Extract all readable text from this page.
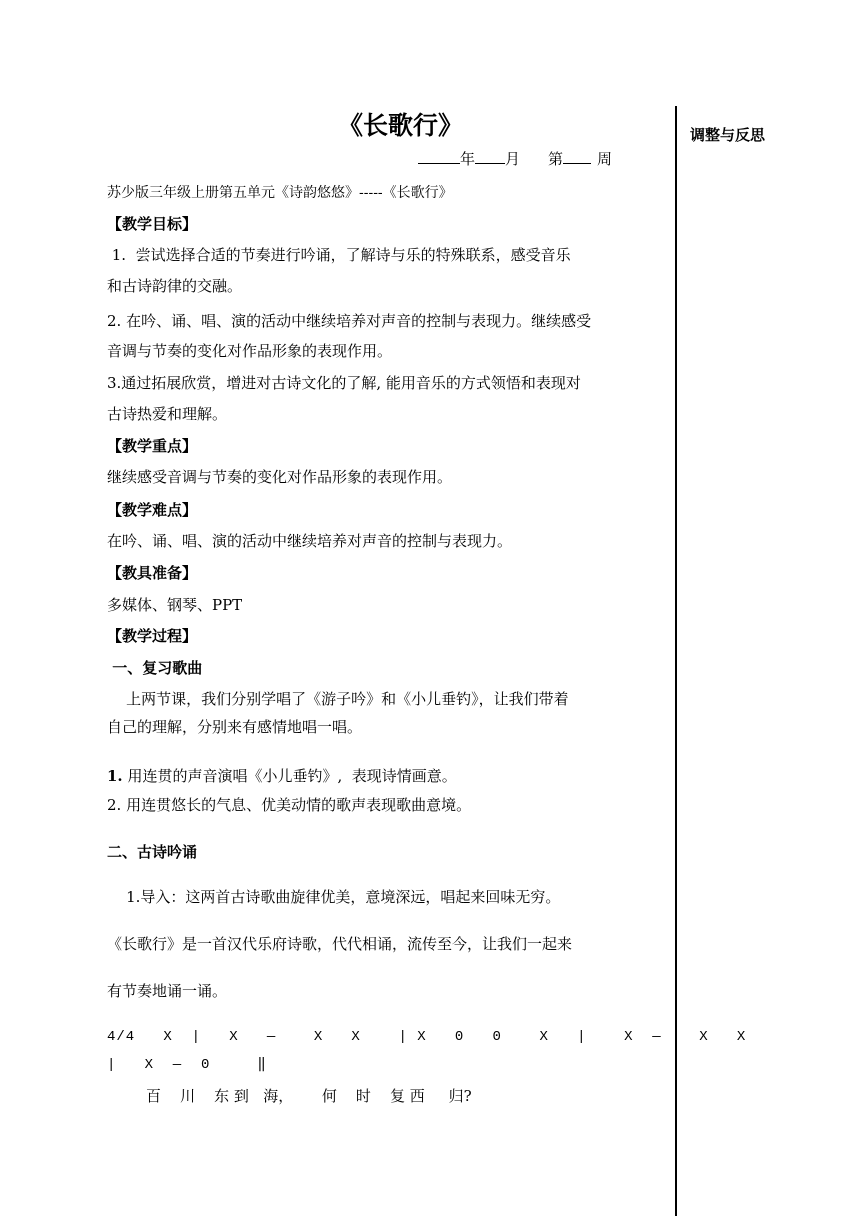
《长歌行》	调整与反思
年 月 第 周
苏少版三年级上册第五单元《诗韵悠悠》-----《长歌行》
【教学目标】
1.  尝试选择合适的节奏进行吟诵，了解诗与乐的特殊联系，感受音乐
和古诗韵律的交融。
2. 在吟、诵、唱、演的活动中继续培养对声音的控制与表现力。继续感受
音调与节奏的变化对作品形象的表现作用。
3.通过拓展欣赏，增进对古诗文化的了解, 能用音乐的方式领悟和表现对
古诗热爱和理解。
【教学重点】
继续感受音调与节奏的变化对作品形象的表现作用。
【教学难点】
在吟、诵、唱、演的活动中继续培养对声音的控制与表现力。
【教具准备】
多媒体、钢琴、PPT
【教学过程】
一、复习歌曲
上两节课，我们分别学唱了《游子吟》和《小儿垂钓》，让我们带着
自己的理解，分别来有感情地唱一唱。
1. 用连贯的声音演唱《小儿垂钓》,  表现诗情画意。
2. 用连贯悠长的气息、优美动情的歌声表现歌曲意境。
二、古诗吟诵
1.导入：这两首古诗歌曲旋律优美，意境深远，唱起来回味无穷。
《长歌行》是一首汉代乐府诗歌，代代相诵，流传至今，让我们一起来
有节奏地诵一诵。
4/4   X  |   X   —    X   X    | X   0   0    X   |    X  —    X   X
|   X  —  0     ‖
百    川    东 到   海，      何    时    复 西     归?
